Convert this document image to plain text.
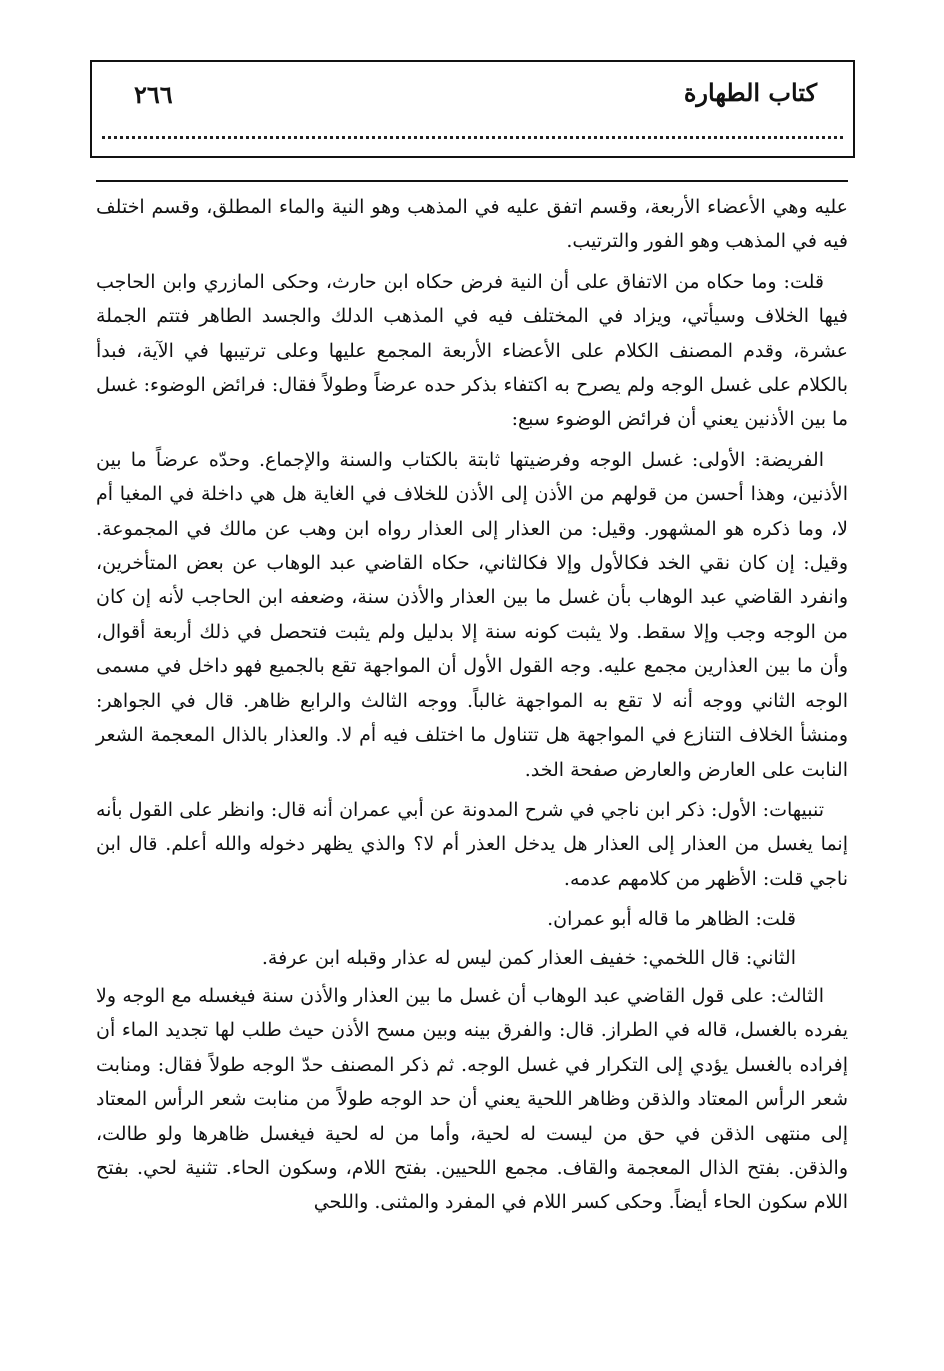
كتاب الطهارة
٢٦٦

عليه وهي الأعضاء الأربعة، وقسم اتفق عليه في المذهب وهو النية والماء المطلق، وقسم اختلف فيه في المذهب وهو الفور والترتيب.

قلت: وما حكاه من الاتفاق على أن النية فرض حكاه ابن حارث، وحكى المازري وابن الحاجب فيها الخلاف وسيأتي، ويزاد في المختلف فيه في المذهب الدلك والجسد الطاهر فتتم الجملة عشرة، وقدم المصنف الكلام على الأعضاء الأربعة المجمع عليها وعلى ترتيبها في الآية، فبدأ بالكلام على غسل الوجه ولم يصرح به اكتفاء بذكر حده عرضاً وطولاً فقال: فرائض الوضوء: غسل ما بين الأذنين يعني أن فرائض الوضوء سبع:

الفريضة: الأولى: غسل الوجه وفرضيتها ثابتة بالكتاب والسنة والإجماع. وحدّه عرضاً ما بين الأذنين، وهذا أحسن من قولهم من الأذن إلى الأذن للخلاف في الغاية هل هي داخلة في المغيا أم لا، وما ذكره هو المشهور. وقيل: من العذار إلى العذار رواه ابن وهب عن مالك في المجموعة. وقيل: إن كان نقي الخد فكالأول وإلا فكالثاني، حكاه القاضي عبد الوهاب عن بعض المتأخرين، وانفرد القاضي عبد الوهاب بأن غسل ما بين العذار والأذن سنة، وضعفه ابن الحاجب لأنه إن كان من الوجه وجب وإلا سقط. ولا يثبت كونه سنة إلا بدليل ولم يثبت فتحصل في ذلك أربعة أقوال، وأن ما بين العذارين مجمع عليه. وجه القول الأول أن المواجهة تقع بالجميع فهو داخل في مسمى الوجه الثاني ووجه أنه لا تقع به المواجهة غالباً. ووجه الثالث والرابع ظاهر. قال في الجواهر: ومنشأ الخلاف التنازع في المواجهة هل تتناول ما اختلف فيه أم لا. والعذار بالذال المعجمة الشعر النابت على العارض والعارض صفحة الخد.

تنبيهات: الأول: ذكر ابن ناجي في شرح المدونة عن أبي عمران أنه قال: وانظر على القول بأنه إنما يغسل من العذار إلى العذار هل يدخل العذر أم لا؟ والذي يظهر دخوله والله أعلم. قال ابن ناجي قلت: الأظهر من كلامهم عدمه.

قلت: الظاهر ما قاله أبو عمران.

الثاني: قال اللخمي: خفيف العذار كمن ليس له عذار وقبله ابن عرفة.

الثالث: على قول القاضي عبد الوهاب أن غسل ما بين العذار والأذن سنة فيغسله مع الوجه ولا يفرده بالغسل، قاله في الطراز. قال: والفرق بينه وبين مسح الأذن حيث طلب لها تجديد الماء أن إفراده بالغسل يؤدي إلى التكرار في غسل الوجه. ثم ذكر المصنف حدّ الوجه طولاً فقال: ومنابت شعر الرأس المعتاد والذقن وظاهر اللحية يعني أن حد الوجه طولاً من منابت شعر الرأس المعتاد إلى منتهى الذقن في حق من ليست له لحية، وأما من له لحية فيغسل ظاهرها ولو طالت، والذقن. بفتح الذال المعجمة والقاف. مجمع اللحيين. بفتح اللام، وسكون الحاء. تثنية لحي. بفتح اللام سكون الحاء أيضاً. وحكى كسر اللام في المفرد والمثنى. واللحي
